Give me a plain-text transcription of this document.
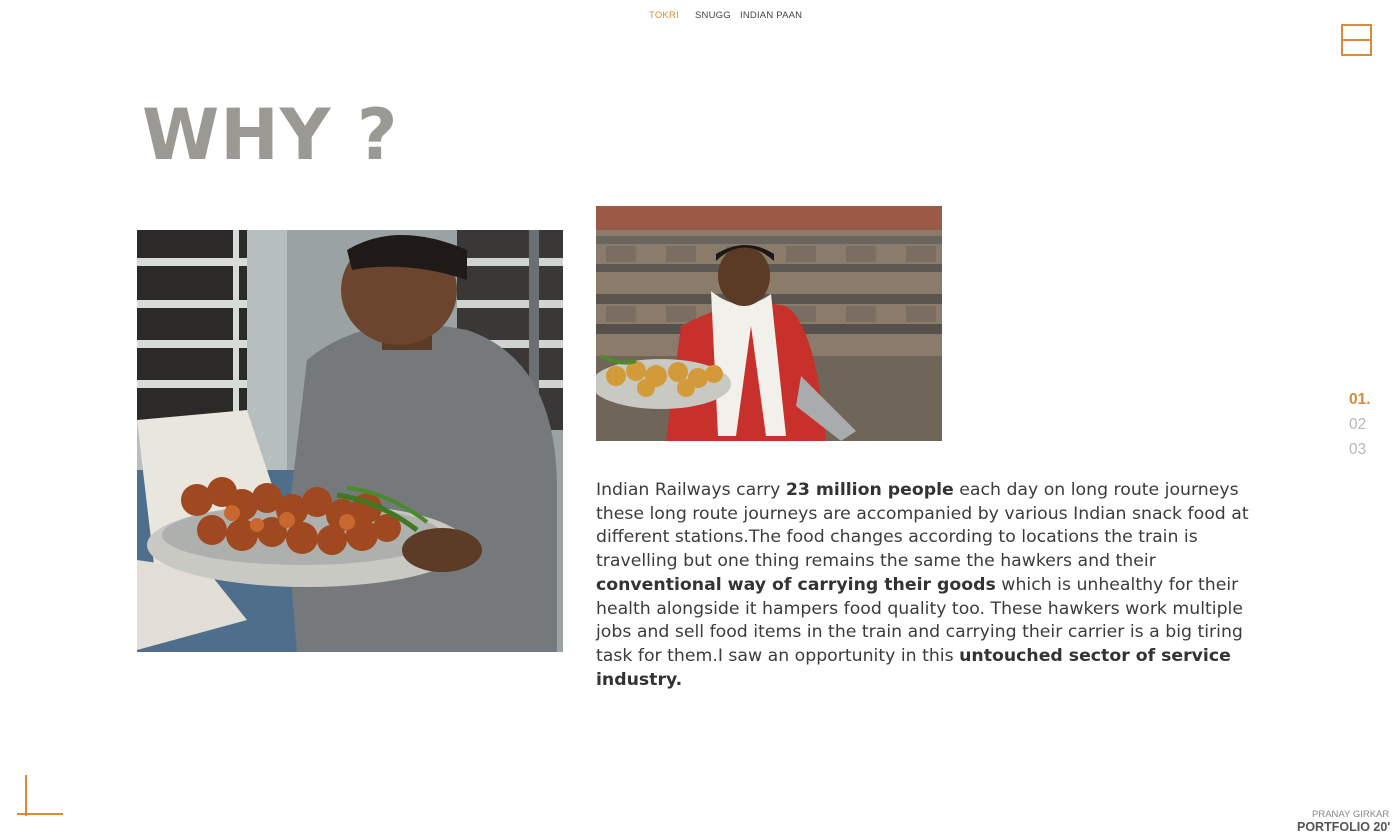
TOKRI SNUGG INDIAN PAAN
WHY ?

Indian Railways carry 23 million people each day on long route journeys these long route journeys are accompanied by various Indian snack food at different stations.The food changes according to locations the train is travelling but one thing remains the same the hawkers and their conventional way of carrying their goods which is unhealthy for their health alongside it hampers food quality too. These hawkers work multiple jobs and sell food items in the train and carrying their carrier is a big tiring task for them.I saw an opportunity in this untouched sector of service industry.

01.
02
03
PRANAY GIRKAR
PORTFOLIO 20'
